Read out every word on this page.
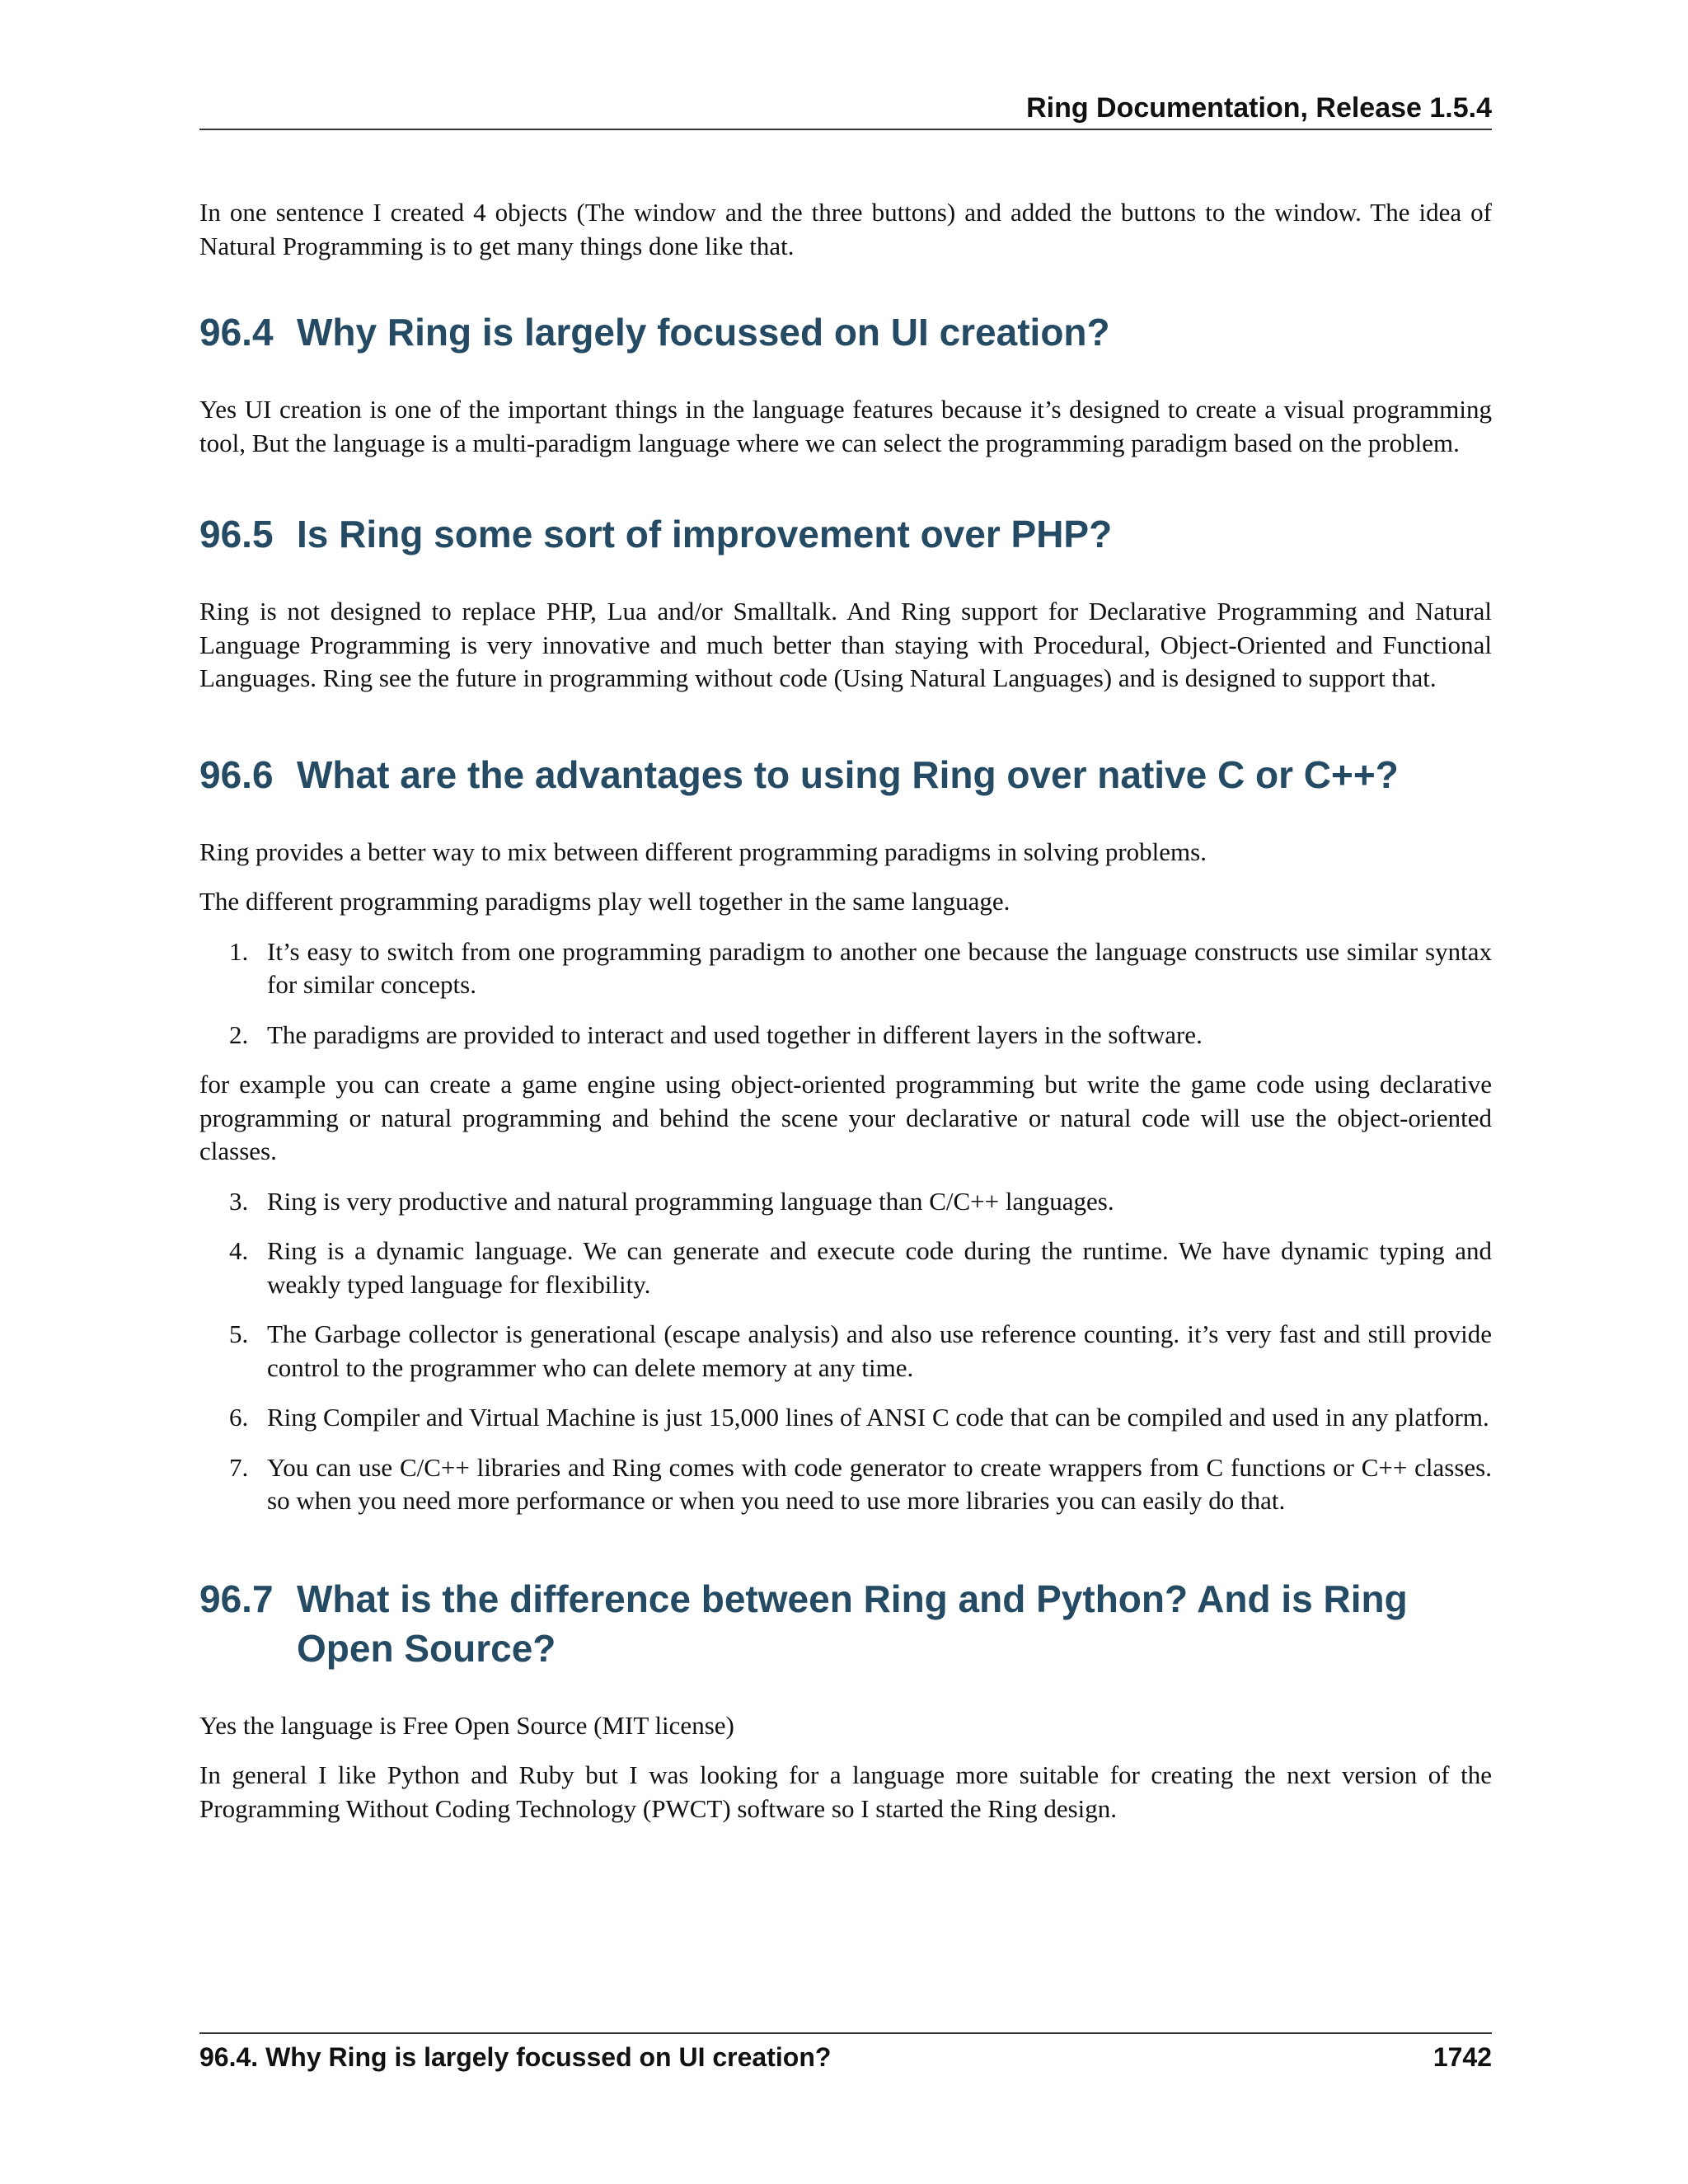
Ring Documentation, Release 1.5.4

In one sentence I created 4 objects (The window and the three buttons) and added the buttons to the window. The idea of Natural Programming is to get many things done like that.

96.4 Why Ring is largely focussed on UI creation?

Yes UI creation is one of the important things in the language features because it’s designed to create a visual programming tool, But the language is a multi-paradigm language where we can select the programming paradigm based on the problem.

96.5 Is Ring some sort of improvement over PHP?

Ring is not designed to replace PHP, Lua and/or Smalltalk. And Ring support for Declarative Programming and Natural Language Programming is very innovative and much better than staying with Procedural, Object-Oriented and Functional Languages. Ring see the future in programming without code (Using Natural Languages) and is designed to support that.

96.6 What are the advantages to using Ring over native C or C++?

Ring provides a better way to mix between different programming paradigms in solving problems.

The different programming paradigms play well together in the same language.

1. It’s easy to switch from one programming paradigm to another one because the language constructs use similar syntax for similar concepts.
2. The paradigms are provided to interact and used together in different layers in the software.

for example you can create a game engine using object-oriented programming but write the game code using declarative programming or natural programming and behind the scene your declarative or natural code will use the object-oriented classes.

3. Ring is very productive and natural programming language than C/C++ languages.
4. Ring is a dynamic language. We can generate and execute code during the runtime. We have dynamic typing and weakly typed language for flexibility.
5. The Garbage collector is generational (escape analysis) and also use reference counting. it’s very fast and still provide control to the programmer who can delete memory at any time.
6. Ring Compiler and Virtual Machine is just 15,000 lines of ANSI C code that can be compiled and used in any platform.
7. You can use C/C++ libraries and Ring comes with code generator to create wrappers from C functions or C++ classes. so when you need more performance or when you need to use more libraries you can easily do that.
96.7 What is the difference between Ring and Python? And is Ring Open Source?

Yes the language is Free Open Source (MIT license)

In general I like Python and Ruby but I was looking for a language more suitable for creating the next version of the Programming Without Coding Technology (PWCT) software so I started the Ring design.

96.4. Why Ring is largely focussed on UI creation?	1742
